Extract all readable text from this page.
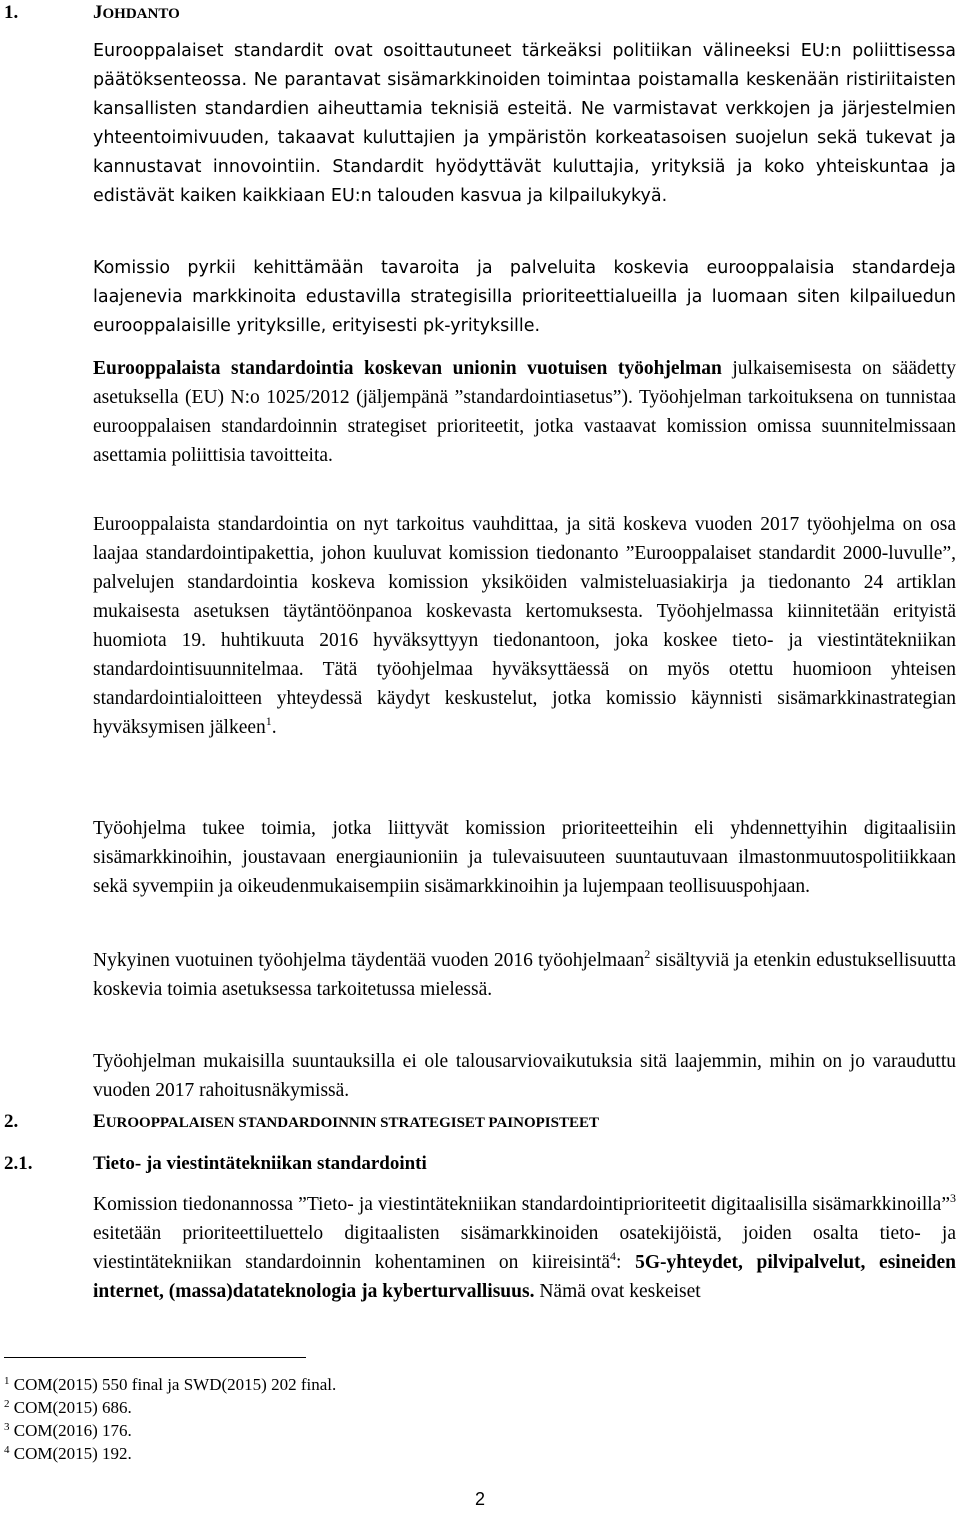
1.	JOHDANTO

Eurooppalaiset standardit ovat osoittautuneet tärkeäksi politiikan välineeksi EU:n poliittisessa päätöksenteossa. Ne parantavat sisämarkkinoiden toimintaa poistamalla keskenään ristiriitaisten kansallisten standardien aiheuttamia teknisiä esteitä. Ne varmistavat verkkojen ja järjestelmien yhteentoimivuuden, takaavat kuluttajien ja ympäristön korkeatasoisen suojelun sekä tukevat ja kannustavat innovointiin. Standardit hyödyttävät kuluttajia, yrityksiä ja koko yhteiskuntaa ja edistävät kaiken kaikkiaan EU:n talouden kasvua ja kilpailukykyä.

Komissio pyrkii kehittämään tavaroita ja palveluita koskevia eurooppalaisia standardeja laajenevia markkinoita edustavilla strategisilla prioriteettialueilla ja luomaan siten kilpailuedun eurooppalaisille yrityksille, erityisesti pk-yrityksille.

Eurooppalaista standardointia koskevan unionin vuotuisen työohjelman julkaisemisesta on säädetty asetuksella (EU) N:o 1025/2012 (jäljempänä ”standardointiasetus”). Työohjelman tarkoituksena on tunnistaa eurooppalaisen standardoinnin strategiset prioriteetit, jotka vastaavat komission omissa suunnitelmissaan asettamia poliittisia tavoitteita.

Eurooppalaista standardointia on nyt tarkoitus vauhdittaa, ja sitä koskeva vuoden 2017 työohjelma on osa laajaa standardointipakettia, johon kuuluvat komission tiedonanto ”Eurooppalaiset standardit 2000-luvulle”, palvelujen standardointia koskeva komission yksiköiden valmisteluasiakirja ja tiedonanto 24 artiklan mukaisesta asetuksen täytäntöönpanoa koskevasta kertomuksesta. Työohjelmassa kiinnitetään erityistä huomiota 19. huhtikuuta 2016 hyväksyttyyn tiedonantoon, joka koskee tieto- ja viestintätekniikan standardointisuunnitelmaa. Tätä työohjelmaa hyväksyttäessä on myös otettu huomioon yhteisen standardointialoitteen yhteydessä käydyt keskustelut, jotka komissio käynnisti sisämarkkinastrategian hyväksymisen jälkeen$^1$.

Työohjelma tukee toimia, jotka liittyvät komission prioriteetteihin eli yhdennettyihin digitaalisiin sisämarkkinoihin, joustavaan energiaunioniin ja tulevaisuuteen suuntautuvaan ilmastonmuutospolitiikkaan sekä syvempiin ja oikeudenmukaisempiin sisämarkkinoihin ja lujempaan teollisuuspohjaan.

Nykyinen vuotuinen työohjelma täydentää vuoden 2016 työohjelmaan$^2$ sisältyviä ja etenkin edustuksellisuutta koskevia toimia asetuksessa tarkoitetussa mielessä.

Työohjelman mukaisilla suuntauksilla ei ole talousarviovaikutuksia sitä laajemmin, mihin on jo varauduttu vuoden 2017 rahoitusnäkymissä.

2.	EUROOPPALAISEN STANDARDOINNIN STRATEGISET PAINOPISTEET
2.1.	Tieto- ja viestintätekniikan standardointi

Komission tiedonannossa ”Tieto- ja viestintätekniikan standardointiprioriteetit digitaalisilla sisämarkkinoilla”$^3$ esitetään prioriteettiluettelo digitaalisten sisämarkkinoiden osatekijöistä, joiden osalta tieto- ja viestintätekniikan standardoinnin kohentaminen on kiireisintä$^4$: 5G-yhteydet, pilvipalvelut, esineiden internet, (massa)datateknologia ja kyberturvallisuus. Nämä ovat keskeiset

$^1$ COM(2015) 550 final ja SWD(2015) 202 final.
$^2$ COM(2015) 686.
$^3$ COM(2016) 176.
$^4$ COM(2015) 192.
2
